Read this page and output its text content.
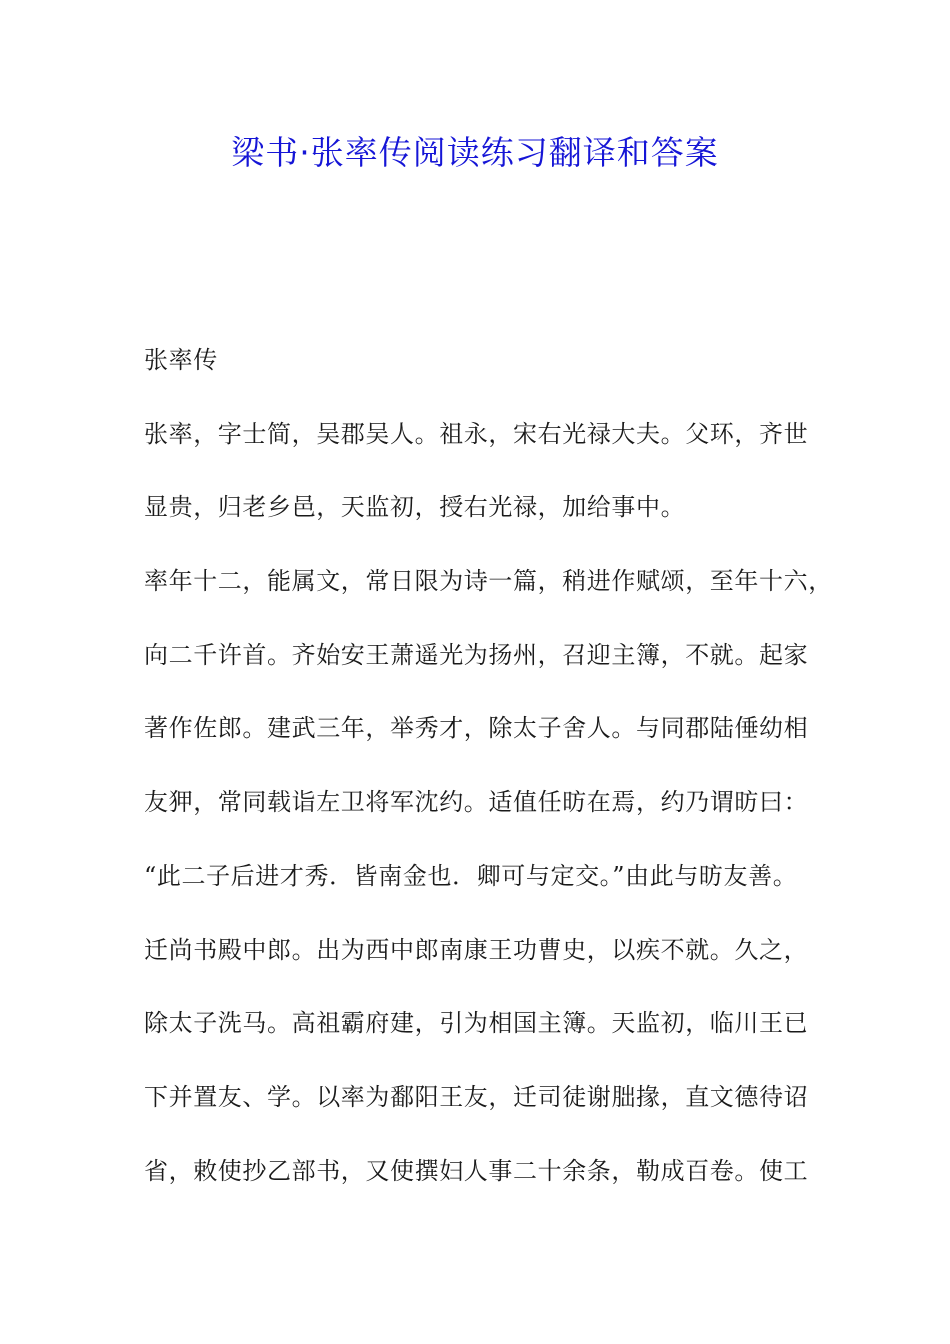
梁书·张率传阅读练习翻译和答案
张率传
张率，字士简，吴郡吴人。祖永，宋右光禄大夫。父环，齐世
显贵，归老乡邑，天监初，授右光禄，加给事中。
率年十二，能属文，常日限为诗一篇，稍进作赋颂，至年十六，
向二千许首。齐始安王萧遥光为扬州，召迎主簿，不就。起家
著作佐郎。建武三年，举秀才，除太子舍人。与同郡陆倕幼相
友狎，常同载诣左卫将军沈约。适值任昉在焉，约乃谓昉曰：
“此二子后进才秀．皆南金也．卿可与定交。”由此与昉友善。
迁尚书殿中郎。出为西中郎南康王功曹史，以疾不就。久之，
除太子洗马。高祖霸府建，引为相国主簿。天监初，临川王已
下并置友、学。以率为鄱阳王友，迁司徒谢朏掾，直文德待诏
省，敕使抄乙部书，又使撰妇人事二十余条，勒成百卷。使工
